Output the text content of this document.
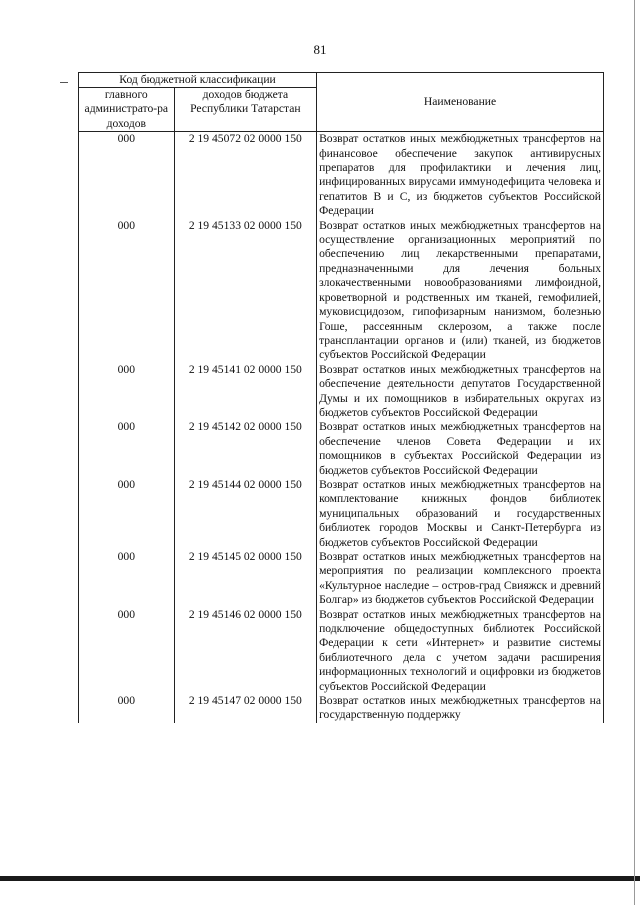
81
Код бюджетной классификации		Наименование
главного администрато-ра доходов	доходов бюджета Республики Татарстан	
000	2 19 45072 02 0000 150	Возврат остатков иных межбюджетных трансфертов на финансовое обеспечение закупок антивирусных препаратов для профилактики и лечения лиц, инфицированных вирусами иммунодефицита человека и гепатитов В и С, из бюджетов субъектов Российской Федерации
000	2 19 45133 02 0000 150	Возврат остатков иных межбюджетных трансфертов на осуществление организационных мероприятий по обеспечению лиц лекарственными препаратами, предназначенными для лечения больных злокачественными новообразованиями лимфоидной, кроветворной и родственных им тканей, гемофилией, муковисцидозом, гипофизарным нанизмом, болезнью Гоше, рассеянным склерозом, а также после трансплантации органов и (или) тканей, из бюджетов субъектов Российской Федерации
000	2 19 45141 02 0000 150	Возврат остатков иных межбюджетных трансфертов на обеспечение деятельности депутатов Государственной Думы и их помощников в избирательных округах из бюджетов субъектов Российской Федерации
000	2 19 45142 02 0000 150	Возврат остатков иных межбюджетных трансфертов на обеспечение членов Совета Федерации и их помощников в субъектах Российской Федерации из бюджетов субъектов Российской Федерации
000	2 19 45144 02 0000 150	Возврат остатков иных межбюджетных трансфертов на комплектование книжных фондов библиотек муниципальных образований и государственных библиотек городов Москвы и Санкт-Петербурга из бюджетов субъектов Российской Федерации
000	2 19 45145 02 0000 150	Возврат остатков иных межбюджетных трансфертов на мероприятия по реализации комплексного проекта «Культурное наследие – остров-град Свияжск и древний Болгар» из бюджетов субъектов Российской Федерации
000	2 19 45146 02 0000 150	Возврат остатков иных межбюджетных трансфертов на подключение общедоступных библиотек Российской Федерации к сети «Интернет» и развитие системы библиотечного дела с учетом задачи расширения информационных технологий и оцифровки из бюджетов субъектов Российской Федерации
000	2 19 45147 02 0000 150	Возврат остатков иных межбюджетных трансфертов на государственную поддержку
